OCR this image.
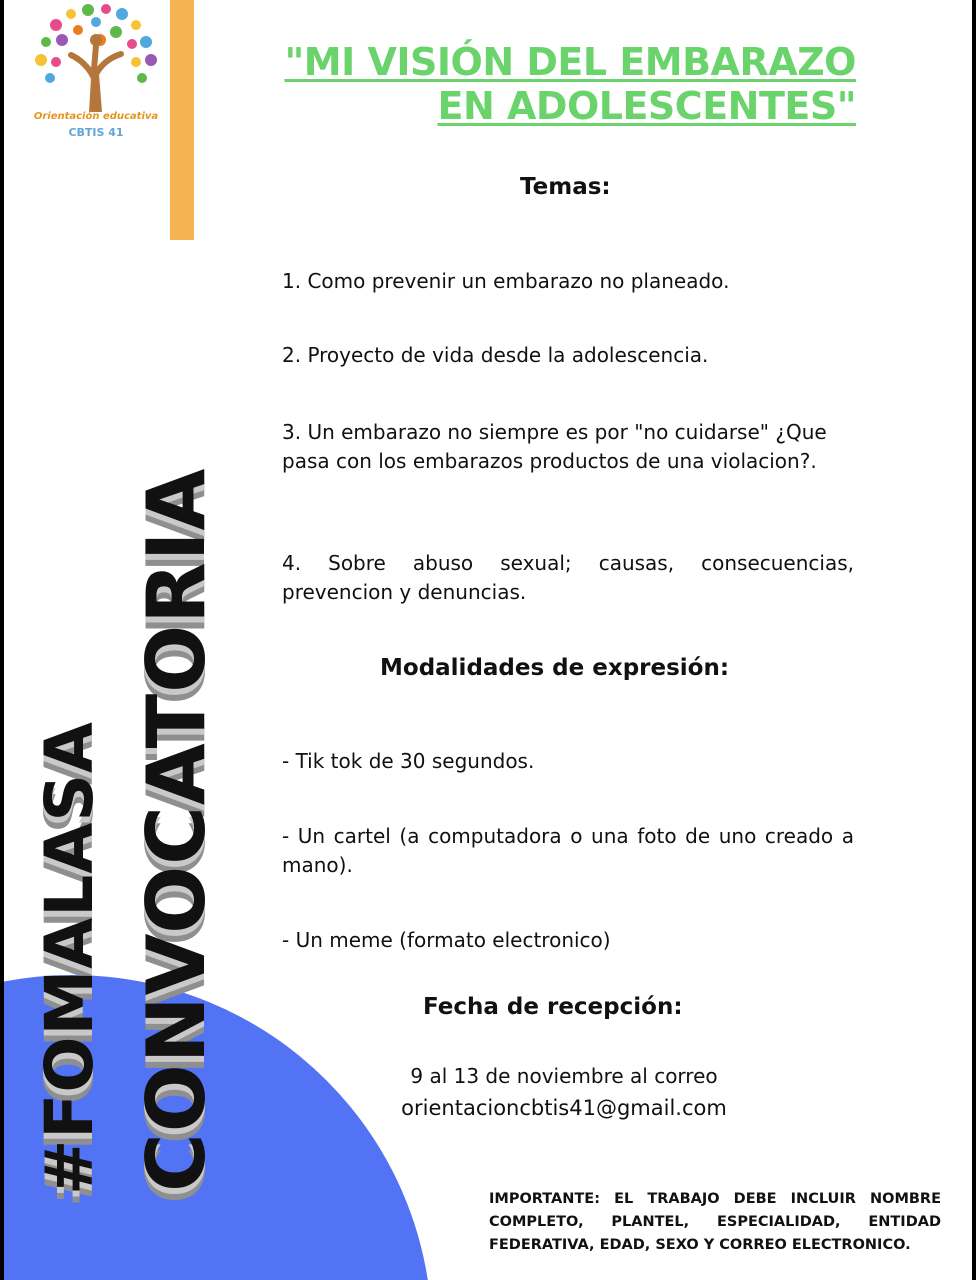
Orientación educativa
CBTIS 41
CONVOCATORIA
#FOMALASA
"MI VISIÓN DEL EMBARAZO
EN ADOLESCENTES"
Temas:
1. Como prevenir un embarazo no planeado.
2. Proyecto de vida desde la adolescencia.
3. Un embarazo no siempre es por "no cuidarse" ¿Que pasa con los embarazos productos de una violacion?.
4. Sobre abuso sexual; causas, consecuencias, prevencion y denuncias.
Modalidades de expresión:
- Tik tok de 30 segundos.
- Un cartel (a computadora o una foto de uno creado a mano).
- Un meme (formato electronico)
Fecha de recepción:
9 al 13 de noviembre al correo
orientacioncbtis41@gmail.com
IMPORTANTE: EL TRABAJO DEBE INCLUIR NOMBRE COMPLETO, PLANTEL, ESPECIALIDAD, ENTIDAD FEDERATIVA, EDAD, SEXO Y CORREO ELECTRONICO.
